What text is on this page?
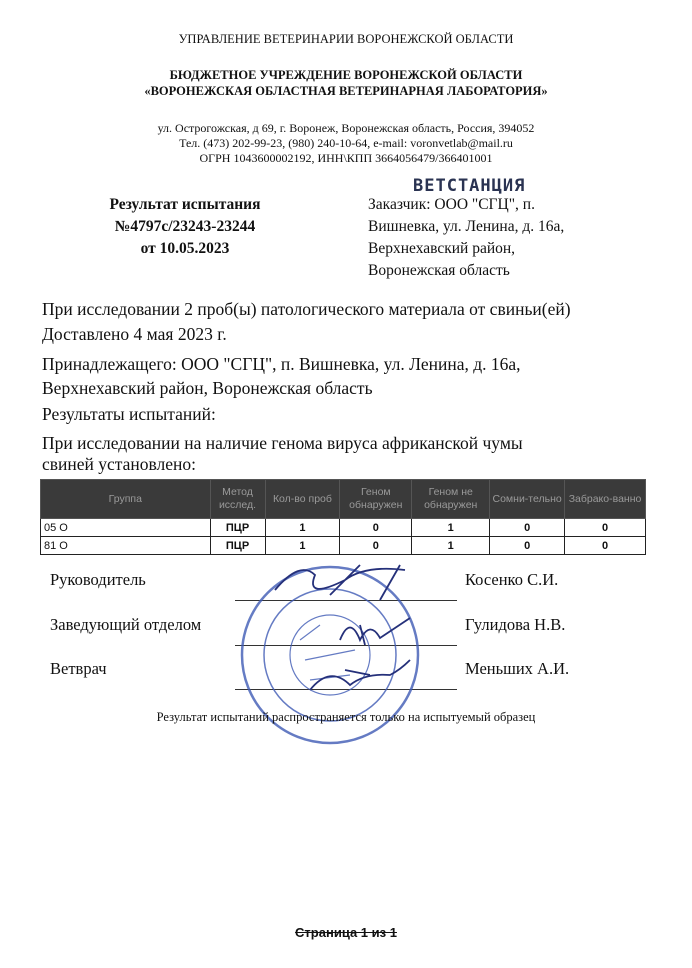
УПРАВЛЕНИЕ ВЕТЕРИНАРИИ ВОРОНЕЖСКОЙ ОБЛАСТИ
БЮДЖЕТНОЕ УЧРЕЖДЕНИЕ ВОРОНЕЖСКОЙ ОБЛАСТИ
«ВОРОНЕЖСКАЯ ОБЛАСТНАЯ ВЕТЕРИНАРНАЯ ЛАБОРАТОРИЯ»
ул. Острогожская, д 69, г. Воронеж, Воронежская область, Россия, 394052
Тел. (473) 202-99-23, (980) 240-10-64, e-mail: voronvetlab@mail.ru
ОГРН 1043600002192, ИНН\КПП 3664056479/366401001
ВЕТСТАНЦИЯ
Результат испытания
№4797с/23243-23244
от 10.05.2023
Заказчик: ООО "СГЦ", п.
Вишневка, ул. Ленина, д. 16а,
Верхнехавский район,
Воронежская область
При исследовании 2 проб(ы) патологического материала от свиньи(ей)
Доставлено 4 мая 2023 г.
Принадлежащего: ООО "СГЦ", п. Вишневка, ул. Ленина, д. 16а,
Верхнехавский район, Воронежская область
Результаты испытаний:
При исследовании на наличие генома вируса африканской чумы
свиней установлено:
Группа	Метод исслед.	Кол-во проб	Геном обнаружен	Геном не обнаружен	Сомни-тельно	Забрако-ванно
05 О	ПЦР	1	0	1	0	0
81 О	ПЦР	1	0	1	0	0
Руководитель	Косенко С.И.
Заведующий отделом	Гулидова Н.В.
Ветврач	Меньших А.И.
Результат испытаний распространяется только на испытуемый образец
Страница 1 из 1
